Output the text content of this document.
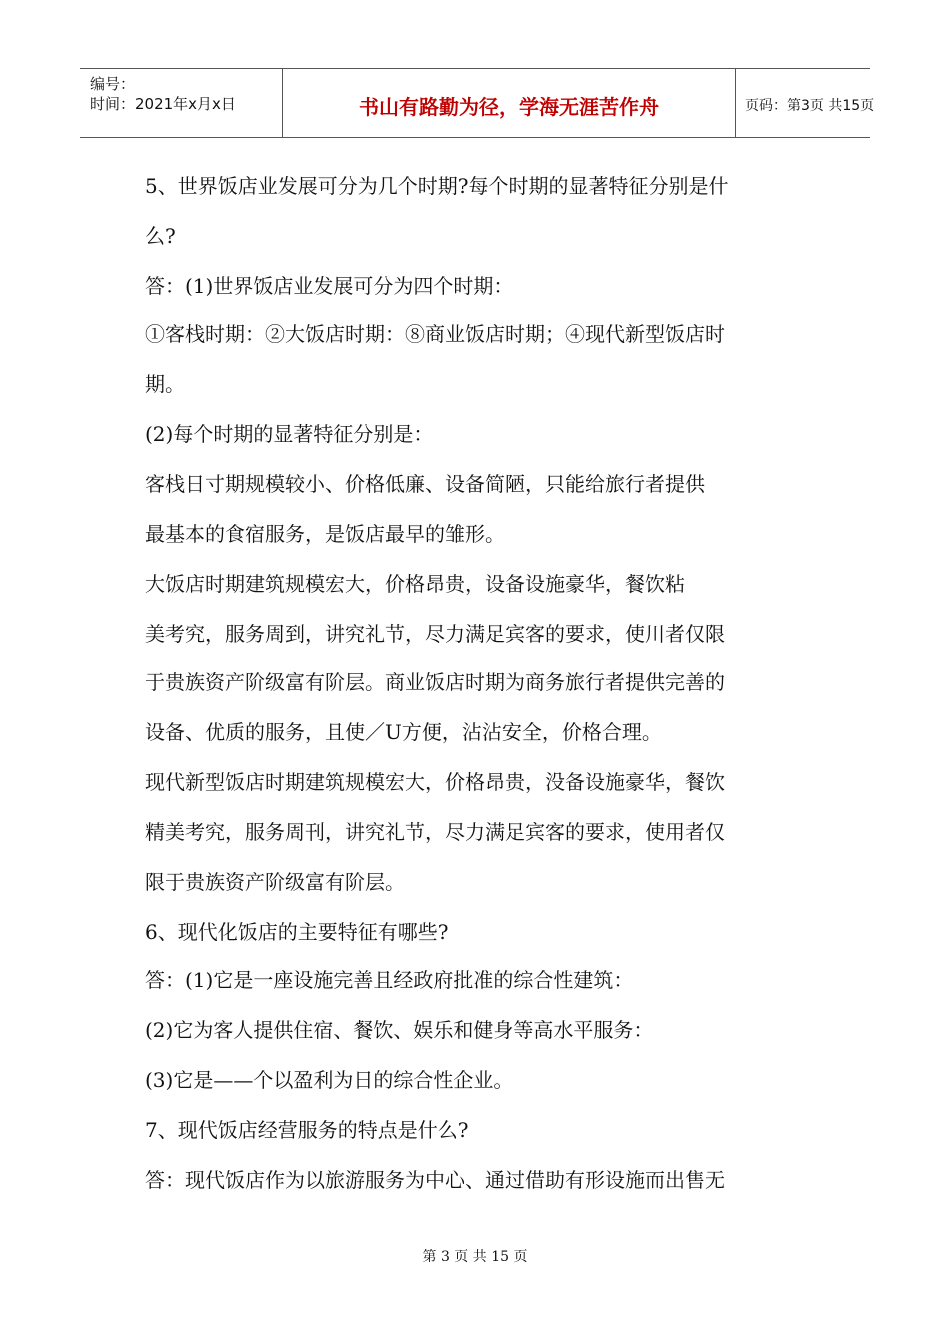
编号：
时间：2021年x月x日	书山有路勤为径，学海无涯苦作舟	页码：第3页 共15页
5、世界饭店业发展可分为几个时期?每个时期的显著特征分别是什
么?
答：(1)世界饭店业发展可分为四个时期：
①客栈时期：②大饭店时期：⑧商业饭店时期；④现代新型饭店时
期。
(2)每个时期的显著特征分别是：
客栈日寸期规模较小、价格低廉、设备简陋，只能给旅行者提供
最基本的食宿服务，是饭店最早的雏形。
大饭店时期建筑规模宏大，价格昂贵，设备设施豪华，餐饮粘
美考究，服务周到，讲究礼节，尽力满足宾客的要求，使川者仅限
于贵族资产阶级富有阶层。商业饭店时期为商务旅行者提供完善的
设备、优质的服务，且使／U方便，沾沾安全，价格合理。
现代新型饭店时期建筑规模宏大，价格昂贵，没备设施豪华，餐饮
精美考究，服务周刊，讲究礼节，尽力满足宾客的要求，使用者仅
限于贵族资产阶级富有阶层。
6、现代化饭店的主要特征有哪些?
答：(1)它是一座设施完善且经政府批准的综合性建筑：
(2)它为客人提供住宿、餐饮、娱乐和健身等高水平服务：
(3)它是——个以盈利为日的综合性企业。
7、现代饭店经营服务的特点是什么?
答：现代饭店作为以旅游服务为中心、通过借助有形设施而出售无
第 3 页 共 15 页
